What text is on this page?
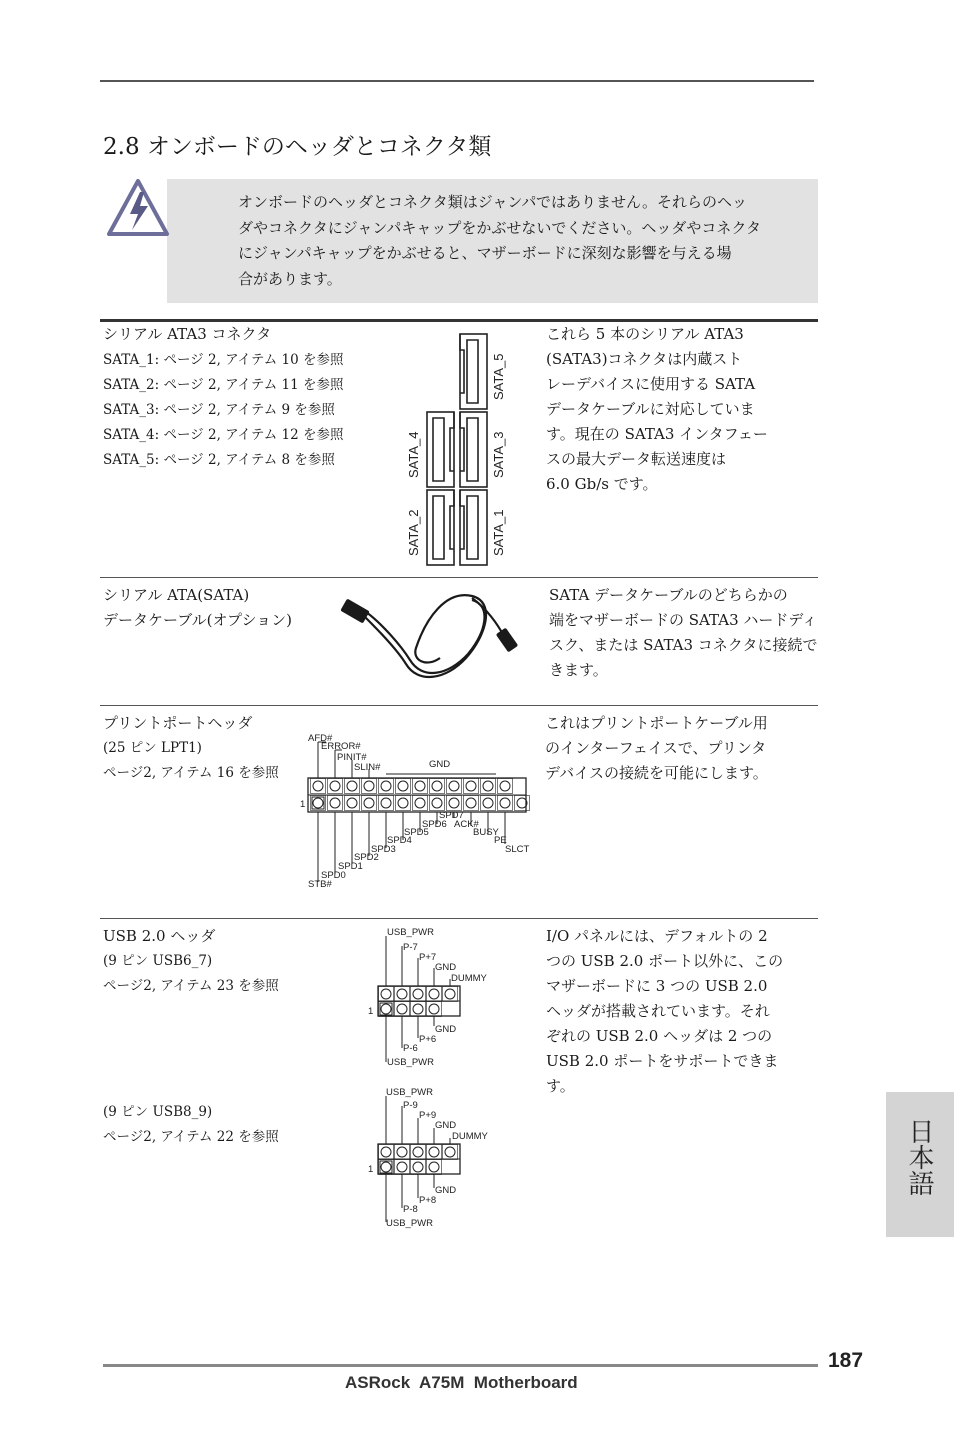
2.8 オンボードのヘッダとコネクタ類
オンボードのヘッダとコネクタ類はジャンパではありません。それらのヘッ
ダやコネクタにジャンパキャップをかぶせないでください。ヘッダやコネクタ
にジャンパキャップをかぶせると、マザーボードに深刻な影響を与える場
合があります。
シリアル ATA3 コネクタ
SATA_1: ページ 2, アイテム 10 を参照
SATA_2: ページ 2, アイテム 11 を参照
SATA_3: ページ 2, アイテム 9 を参照
SATA_4: ページ 2, アイテム 12 を参照
SATA_5: ページ 2, アイテム 8 を参照
SATA_5
SATA_4	SATA_3
SATA_2	SATA_1
これら 5 本のシリアル ATA3
(SATA3)コネクタは内蔵スト
レーデバイスに使用する SATA
データケーブルに対応していま
す。現在の SATA3 インタフェー
スの最大データ転送速度は
6.0 Gb/s です。
シリアル ATA(SATA)
データケーブル(オプション)
SATA データケーブルのどちらかの
端をマザーボードの SATA3 ハードディ
スク、または SATA3 コネクタに接続で
きます。
プリントポートヘッダ
(25 ピン LPT1)
ページ2, アイテム 16 を参照
AFD#
ERROR#
PINIT#
SLIN#	GND
1
SPD7
SPD6 ACK#
SPD5	BUSY
SPD4	PE
SPD3	SLCT
SPD2
SPD1
SPD0
STB#
これはプリントポートケーブル用
のインターフェイスで、プリンタ
デバイスの接続を可能にします。
USB 2.0 ヘッダ
(9 ピン USB6_7)
ページ2, アイテム 23 を参照
(9 ピン USB8_9)
ページ2, アイテム 22 を参照
USB_PWR
P-7
P+7
GND
DUMMY
1
GND
P+6
P-6
USB_PWR
USB_PWR
P-9
P+9
GND
DUMMY
1
GND
P+8
P-8
USB_PWR
I/O パネルには、デフォルトの 2
つの USB 2.0 ポート以外に、この
マザーボードに 3 つの USB 2.0
ヘッダが搭載されています。それ
ぞれの USB 2.0 ヘッダは 2 つの
USB 2.0 ポートをサポートできま
す。
日本語
187
ASRock  A75M  Motherboard
